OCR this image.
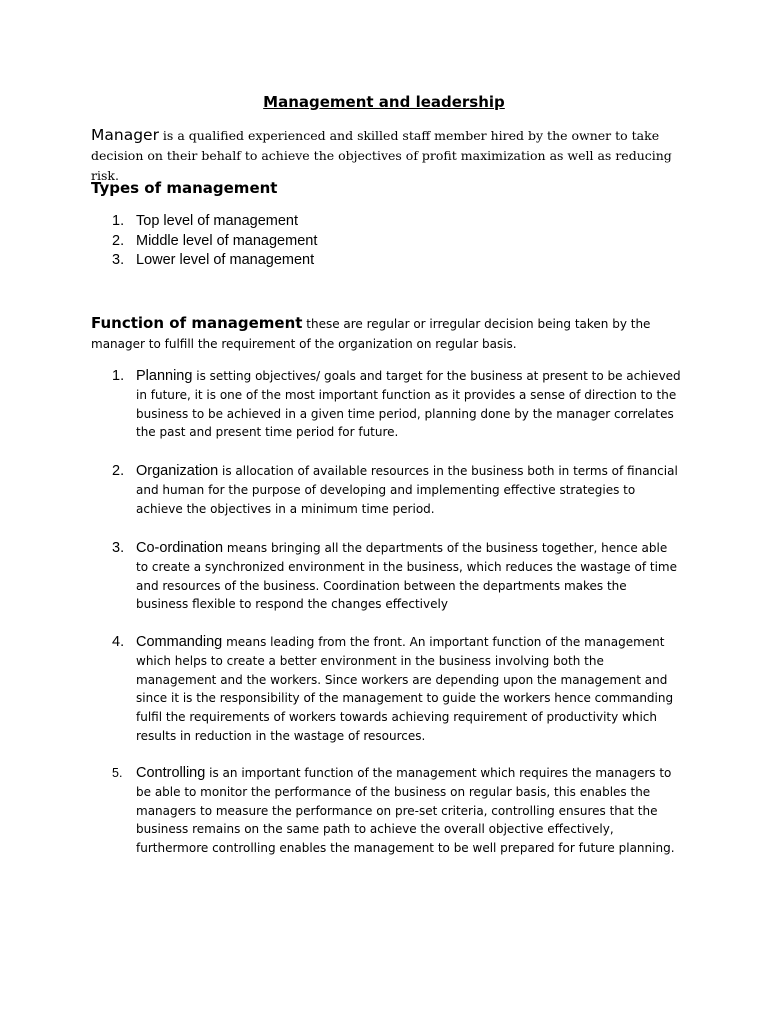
Management and leadership
Manager is a qualified experienced and skilled staff member hired by the owner to take decision on their behalf to achieve the objectives of profit maximization as well as reducing risk.
Types of management
1. Top level of management
2. Middle level of management
3. Lower level of management
Function of management these are regular or irregular decision being taken by the manager to fulfill the requirement of the organization on regular basis.
1. Planning is setting objectives/ goals and target for the business at present to be achieved in future, it is one of the most important function as it provides a sense of direction to the business to be achieved in a given time period, planning done by the manager correlates the past and present time period for future.
2. Organization is allocation of available resources in the business both in terms of financial and human for the purpose of developing and implementing effective strategies to achieve the objectives in a minimum time period.
3. Co-ordination means bringing all the departments of the business together, hence able to create a synchronized environment in the business, which reduces the wastage of time and resources of the business. Coordination between the departments makes the business flexible to respond the changes effectively
4. Commanding means leading from the front. An important function of the management which helps to create a better environment in the business involving both the management and the workers. Since workers are depending upon the management and since it is the responsibility of the management to guide the workers hence commanding fulfil the requirements of workers towards achieving requirement of productivity which results in reduction in the wastage of resources.
5. Controlling is an important function of the management which requires the managers to be able to monitor the performance of the business on regular basis, this enables the managers to measure the performance on pre-set criteria, controlling ensures that the business remains on the same path to achieve the overall objective effectively, furthermore controlling enables the management to be well prepared for future planning.
